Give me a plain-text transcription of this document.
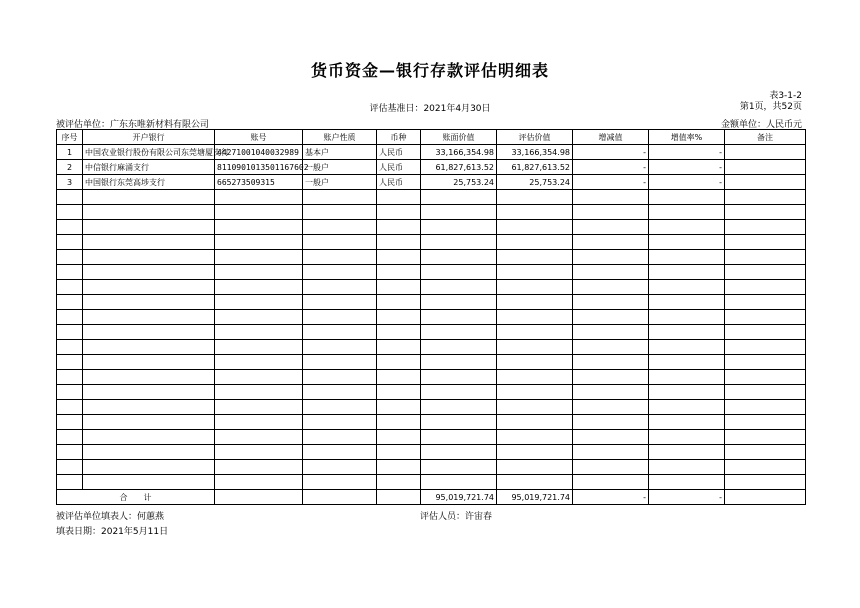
货币资金—银行存款评估明细表
表3-1-2
第1页，共52页
评估基准日：2021年4月30日
被评估单位：广东东唯新材料有限公司	金额单位：人民币元
序号	开户银行	账号	账户性质	币种	账面价值	评估价值	增减值	增值率%	备注
1	中国农业银行股份有限公司东莞塘厦支行	44271001040032989	基本户	人民币	33,166,354.98	33,166,354.98	-	-	
2	中信银行麻涌支行	8110901013501167602	一般户	人民币	61,827,613.52	61,827,613.52	-	-	
3	中国银行东莞高埗支行	665273509315	一般户	人民币	25,753.24	25,753.24	-	-	

合　　计					95,019,721.74	95,019,721.74	-	-	
被评估单位填表人：何蕙燕	评估人员：许宙春
填表日期：2021年5月11日
